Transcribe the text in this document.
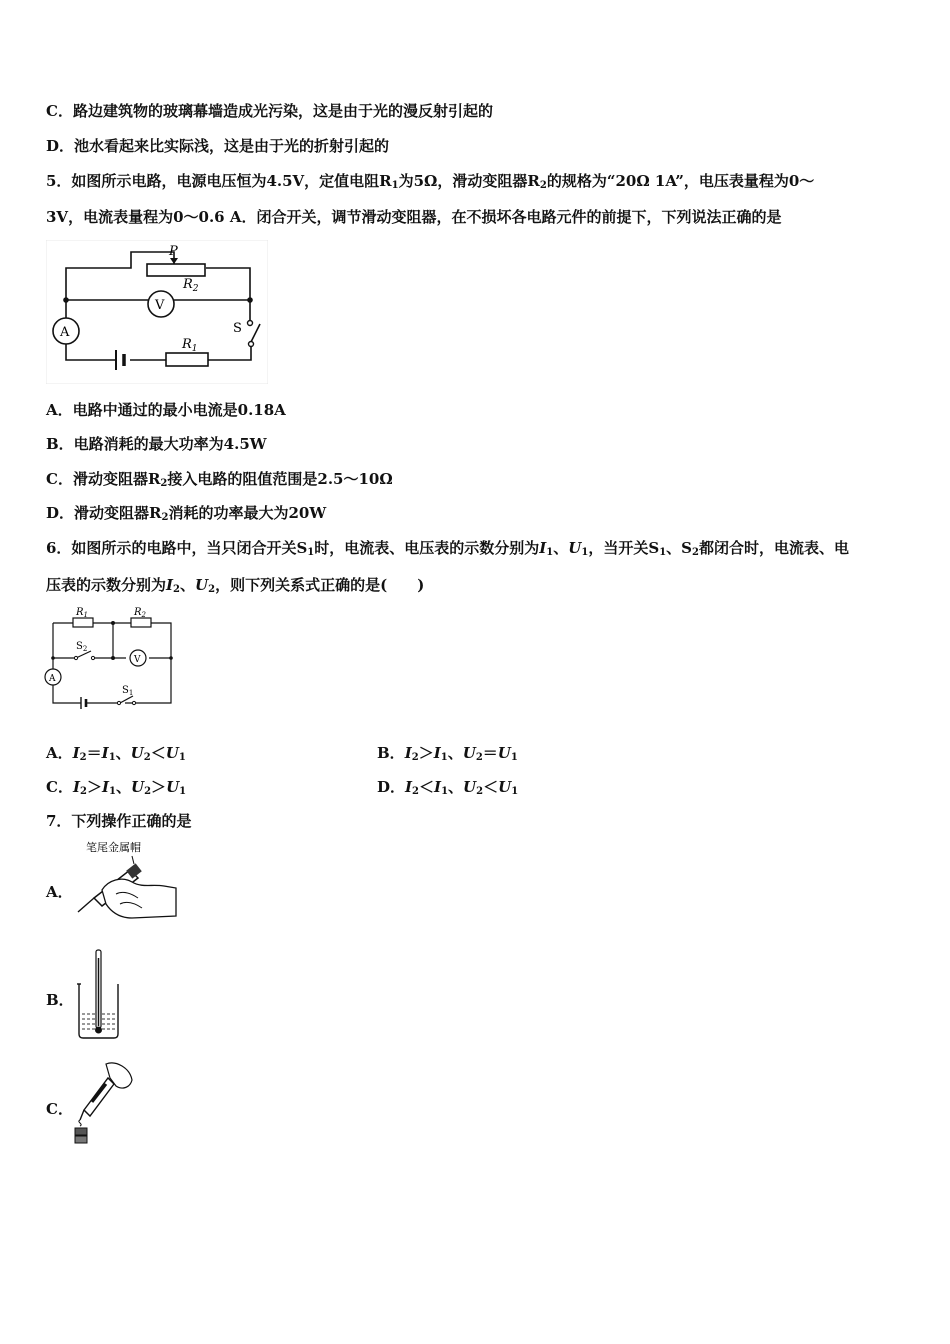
C．路边建筑物的玻璃幕墙造成光污染，这是由于光的漫反射引起的
D．池水看起来比实际浅，这是由于光的折射引起的
5．如图所示电路，电源电压恒为4.5V，定值电阻$R_1$为5Ω，滑动变阻器$R_2$的规格为“20Ω 1A”，电压表量程为0～
3V，电流表量程为0～0.6 A．闭合开关，调节滑动变阻器，在不损坏各电路元件的前提下，下列说法正确的是
P
$R_2$
$R_1$
V
A	S
A．电路中通过的最小电流是0.18A
B．电路消耗的最大功率为4.5W
C．滑动变阻器$R_2$接入电路的阻值范围是2.5～10Ω
D．滑动变阻器$R_2$消耗的功率最大为20W
6．如图所示的电路中，当只闭合开关$S_1$时，电流表、电压表的示数分别为$I_1$、$U_1$，当开关$S_1$、$S_2$都闭合时，电流表、电
压表的示数分别为$I_2$、$U_2$，则下列关系式正确的是(　　)
$R_1$	$R_2$
$S_2$
$S_1$
V
A
A．$I_2=I_1$、$U_2<U_1$	B．$I_2>I_1$、$U_2=U_1$
C．$I_2>I_1$、$U_2>U_1$	D．$I_2<I_1$、$U_2<U_1$
7．下列操作正确的是
A．
笔尾金属帽
B．
C．
